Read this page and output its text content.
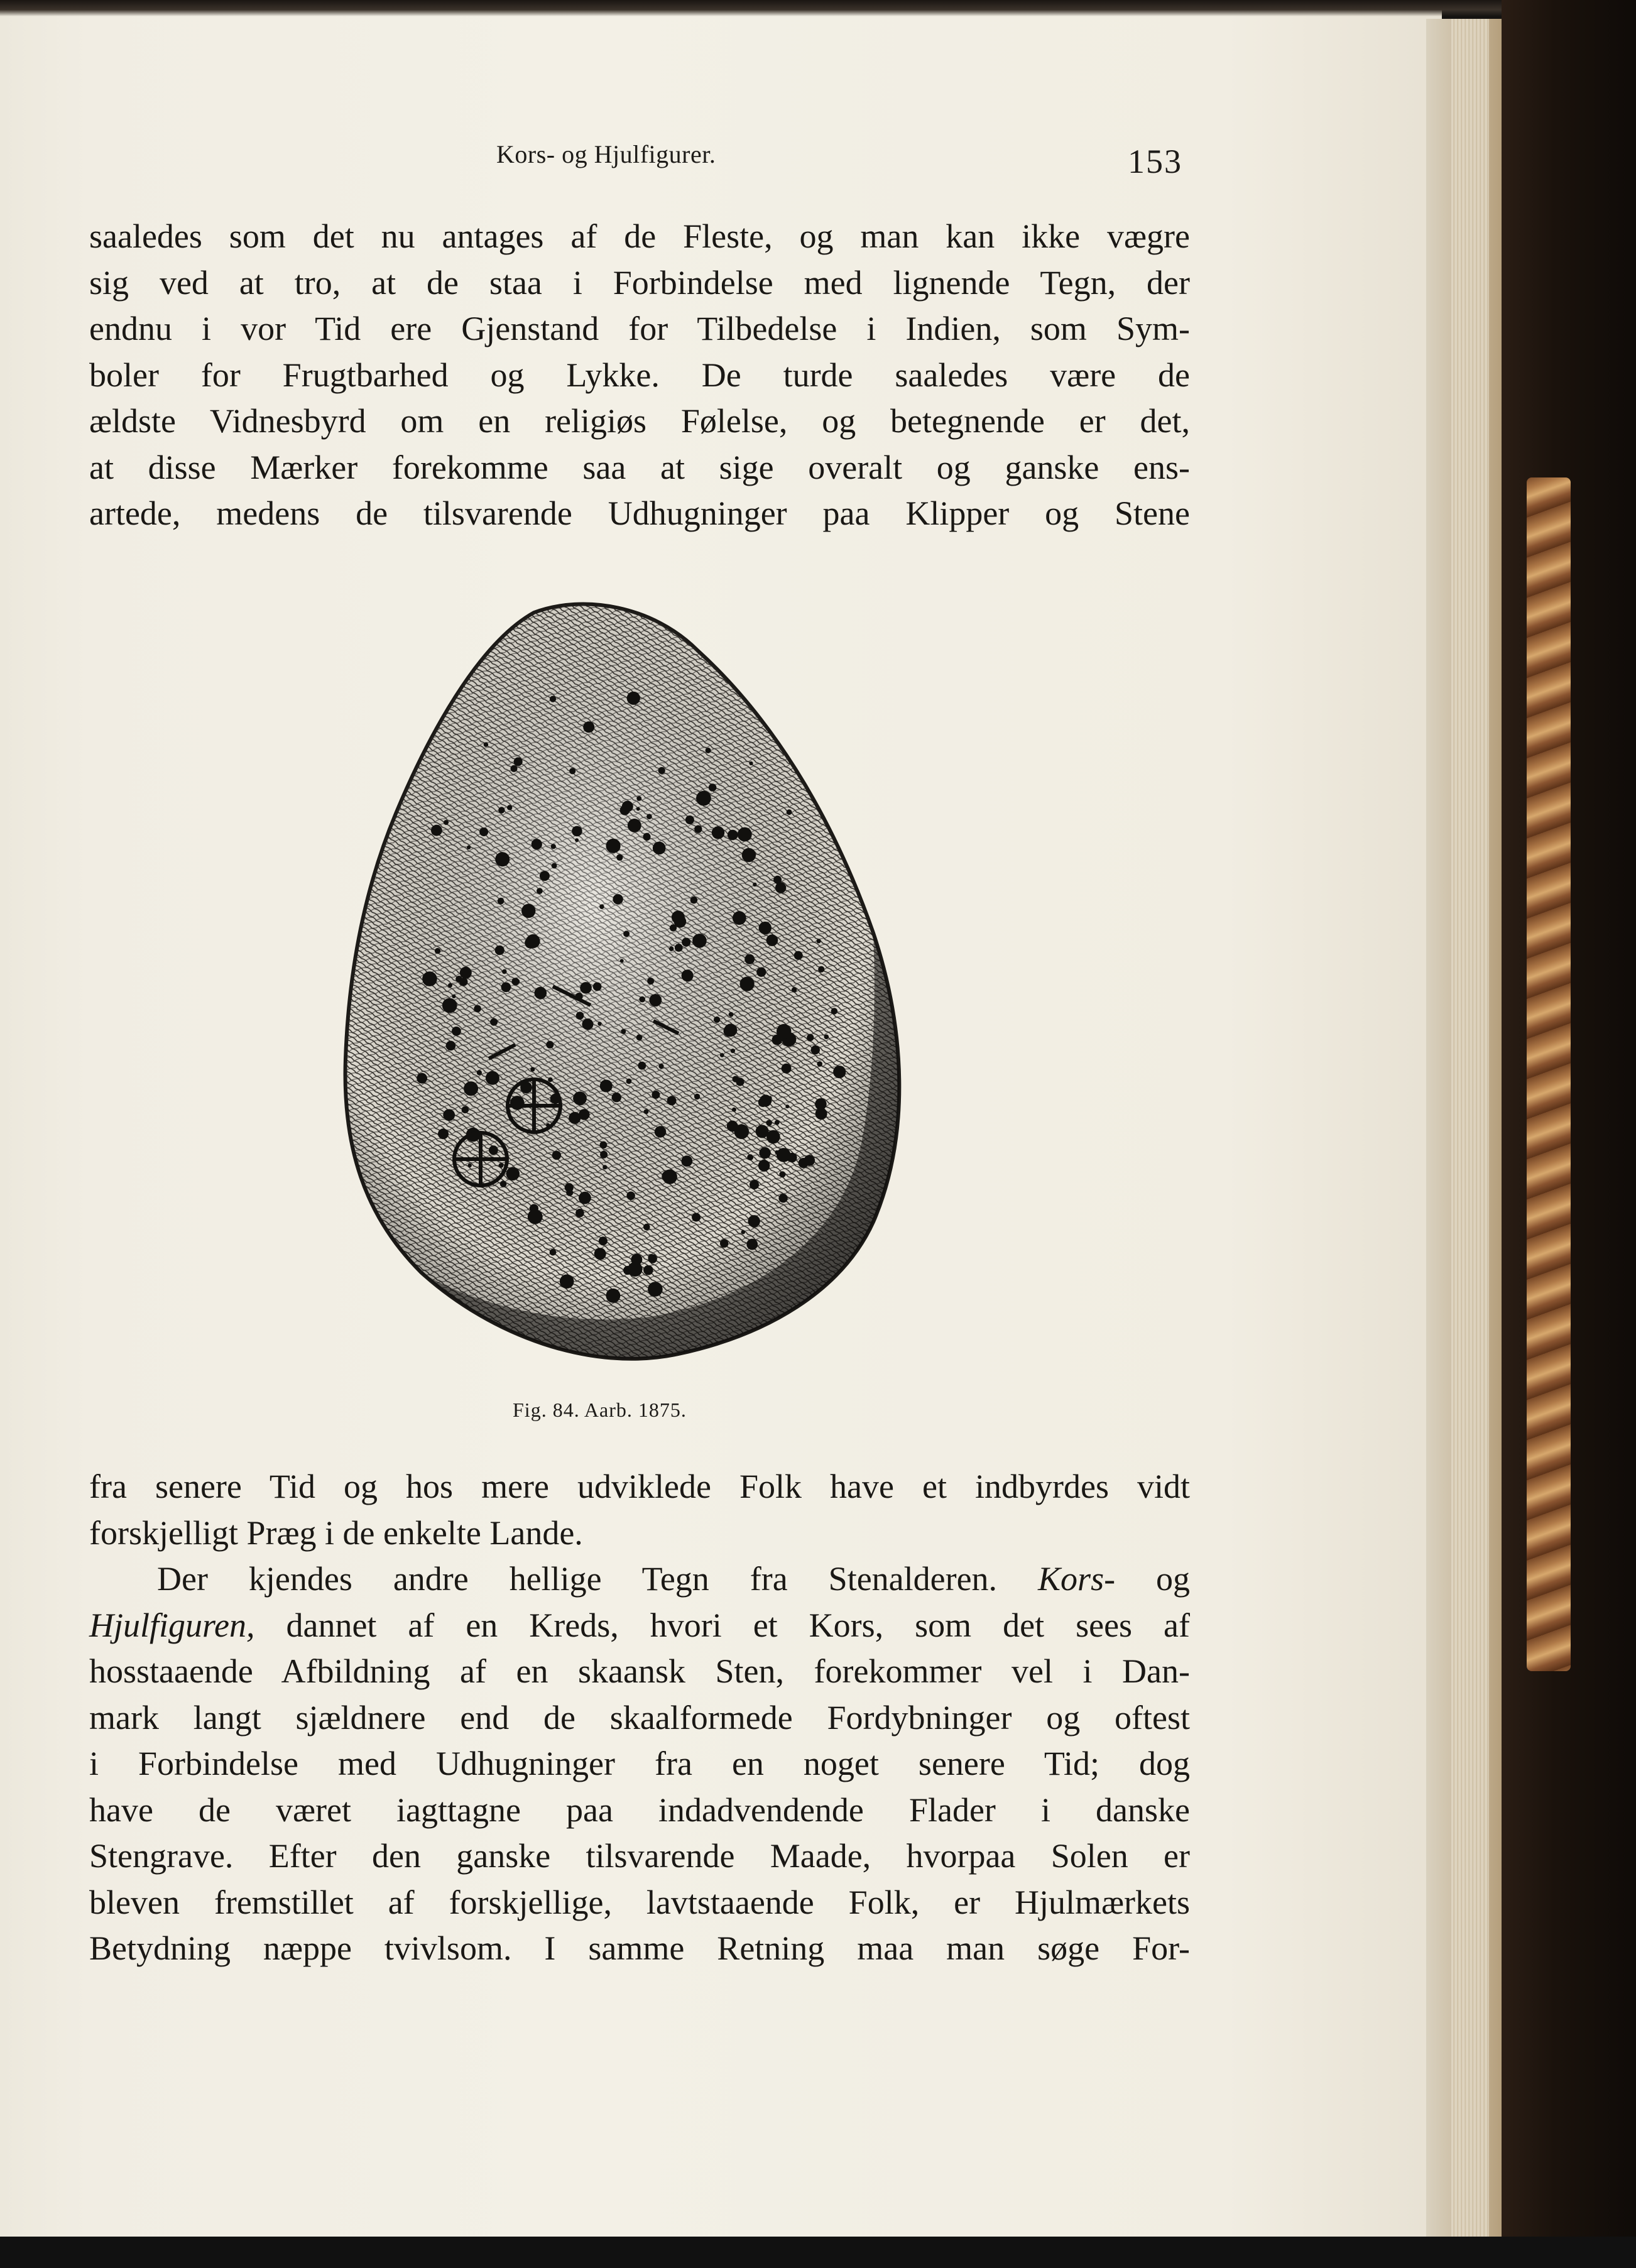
Kors- og Hjulfigurer.	153
saaledes som det nu antages af de Fleste, og man kan ikke vægre
sig ved at tro, at de staa i Forbindelse med lignende Tegn, der
endnu i vor Tid ere Gjenstand for Tilbedelse i Indien, som Sym-
boler for Frugtbarhed og Lykke. De turde saaledes være de
ældste Vidnesbyrd om en religiøs Følelse, og betegnende er det,
at disse Mærker forekomme saa at sige overalt og ganske ens-
artede, medens de tilsvarende Udhugninger paa Klipper og Stene
Fig. 84. Aarb. 1875.
fra senere Tid og hos mere udviklede Folk have et indbyrdes vidt
forskjelligt Præg i de enkelte Lande.
Der kjendes andre hellige Tegn fra Stenalderen. Kors- og
Hjulfiguren, dannet af en Kreds, hvori et Kors, som det sees af
hosstaaende Afbildning af en skaansk Sten, forekommer vel i Dan-
mark langt sjældnere end de skaalformede Fordybninger og oftest
i Forbindelse med Udhugninger fra en noget senere Tid; dog
have de været iagttagne paa indadvendende Flader i danske
Stengrave. Efter den ganske tilsvarende Maade, hvorpaa Solen er
bleven fremstillet af forskjellige, lavtstaaende Folk, er Hjulmærkets
Betydning næppe tvivlsom. I samme Retning maa man søge For-
